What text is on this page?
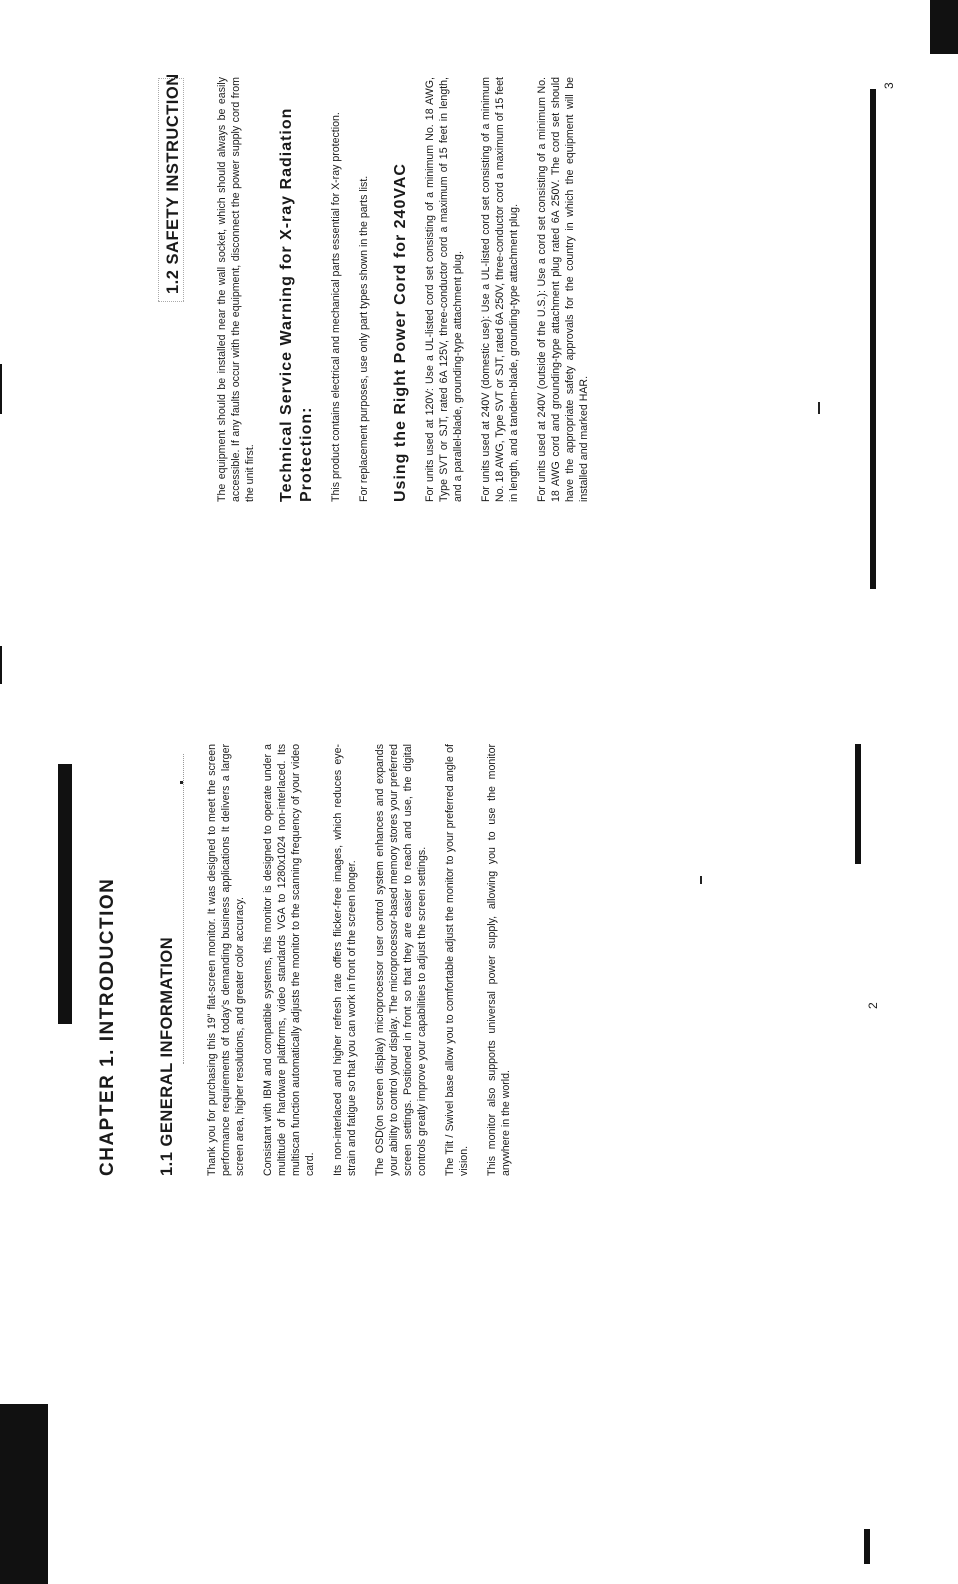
CHAPTER 1. INTRODUCTION 1.1 GENERAL INFORMATION	Thank you for purchasing this 19" flat-screen monitor. It was designed to meet the screen performance requirements of today's demanding business applications It delivers a larger screen area, higher resolutions, and greater color accuracy. Consistant with IBM and compatible systems, this monitor is designed to operate under a multitude of hardware platforms, video standards VGA to 1280x1024 non-interlaced. Its multiscan function automatically adjusts the monitor to the scanning frequency of your video card. Its non-interlaced and higher refresh rate offers flicker-free images, which reduces eye-strain and fatigue so that you can work in front of the screen longer. The OSD(on screen display) microprocessor user control system enhances and expands your ability to control your display. The microprocessor-based memory stores your preferred screen settings. Positioned in front so that they are easier to reach and use, the digital controls greatly improve your capabilities to adjust the screen settings. The Tilt / Swivel base allow you to comfortable adjust the monitor to your preferred angle of vision. This monitor also supports universal power supply, allowing you to use the monitor anywhere in the world.

2
1.2 SAFETY INSTRUCTION	The equipment should be installed near the wall socket, which should always be easily accessible. If any faults occur with the equipment, disconnect the power supply cord from the unit first. Technical Service Warning for X-ray Radiation Protection: This product contains electrical and mechanical parts essential for X-ray protection. For replacement purposes, use only part types shown in the parts list. Using the Right Power Cord for 240VAC For units used at 120V: Use a UL-listed cord set consisting of a minimum No. 18 AWG, Type SVT or SJT, rated 6A 125V, three-conductor cord a maximum of 15 feet in length, and a parallel-blade, grounding-type attachment plug. For units used at 240V (domestic use): Use a UL-listed cord set consisting of a minimum No. 18 AWG, Type SVT or SJT, rated 6A 250V, three-conductor cord a maximum of 15 feet in length, and a tandem-blade, grounding-type attachment plug. For units used at 240V (outside of the U.S.): Use a cord set consisting of a minimum No. 18 AWG cord and grounding-type attachment plug rated 6A 250V. The cord set should have the appropriate safety approvals for the country in which the equipment will be installed and marked HAR.

3
